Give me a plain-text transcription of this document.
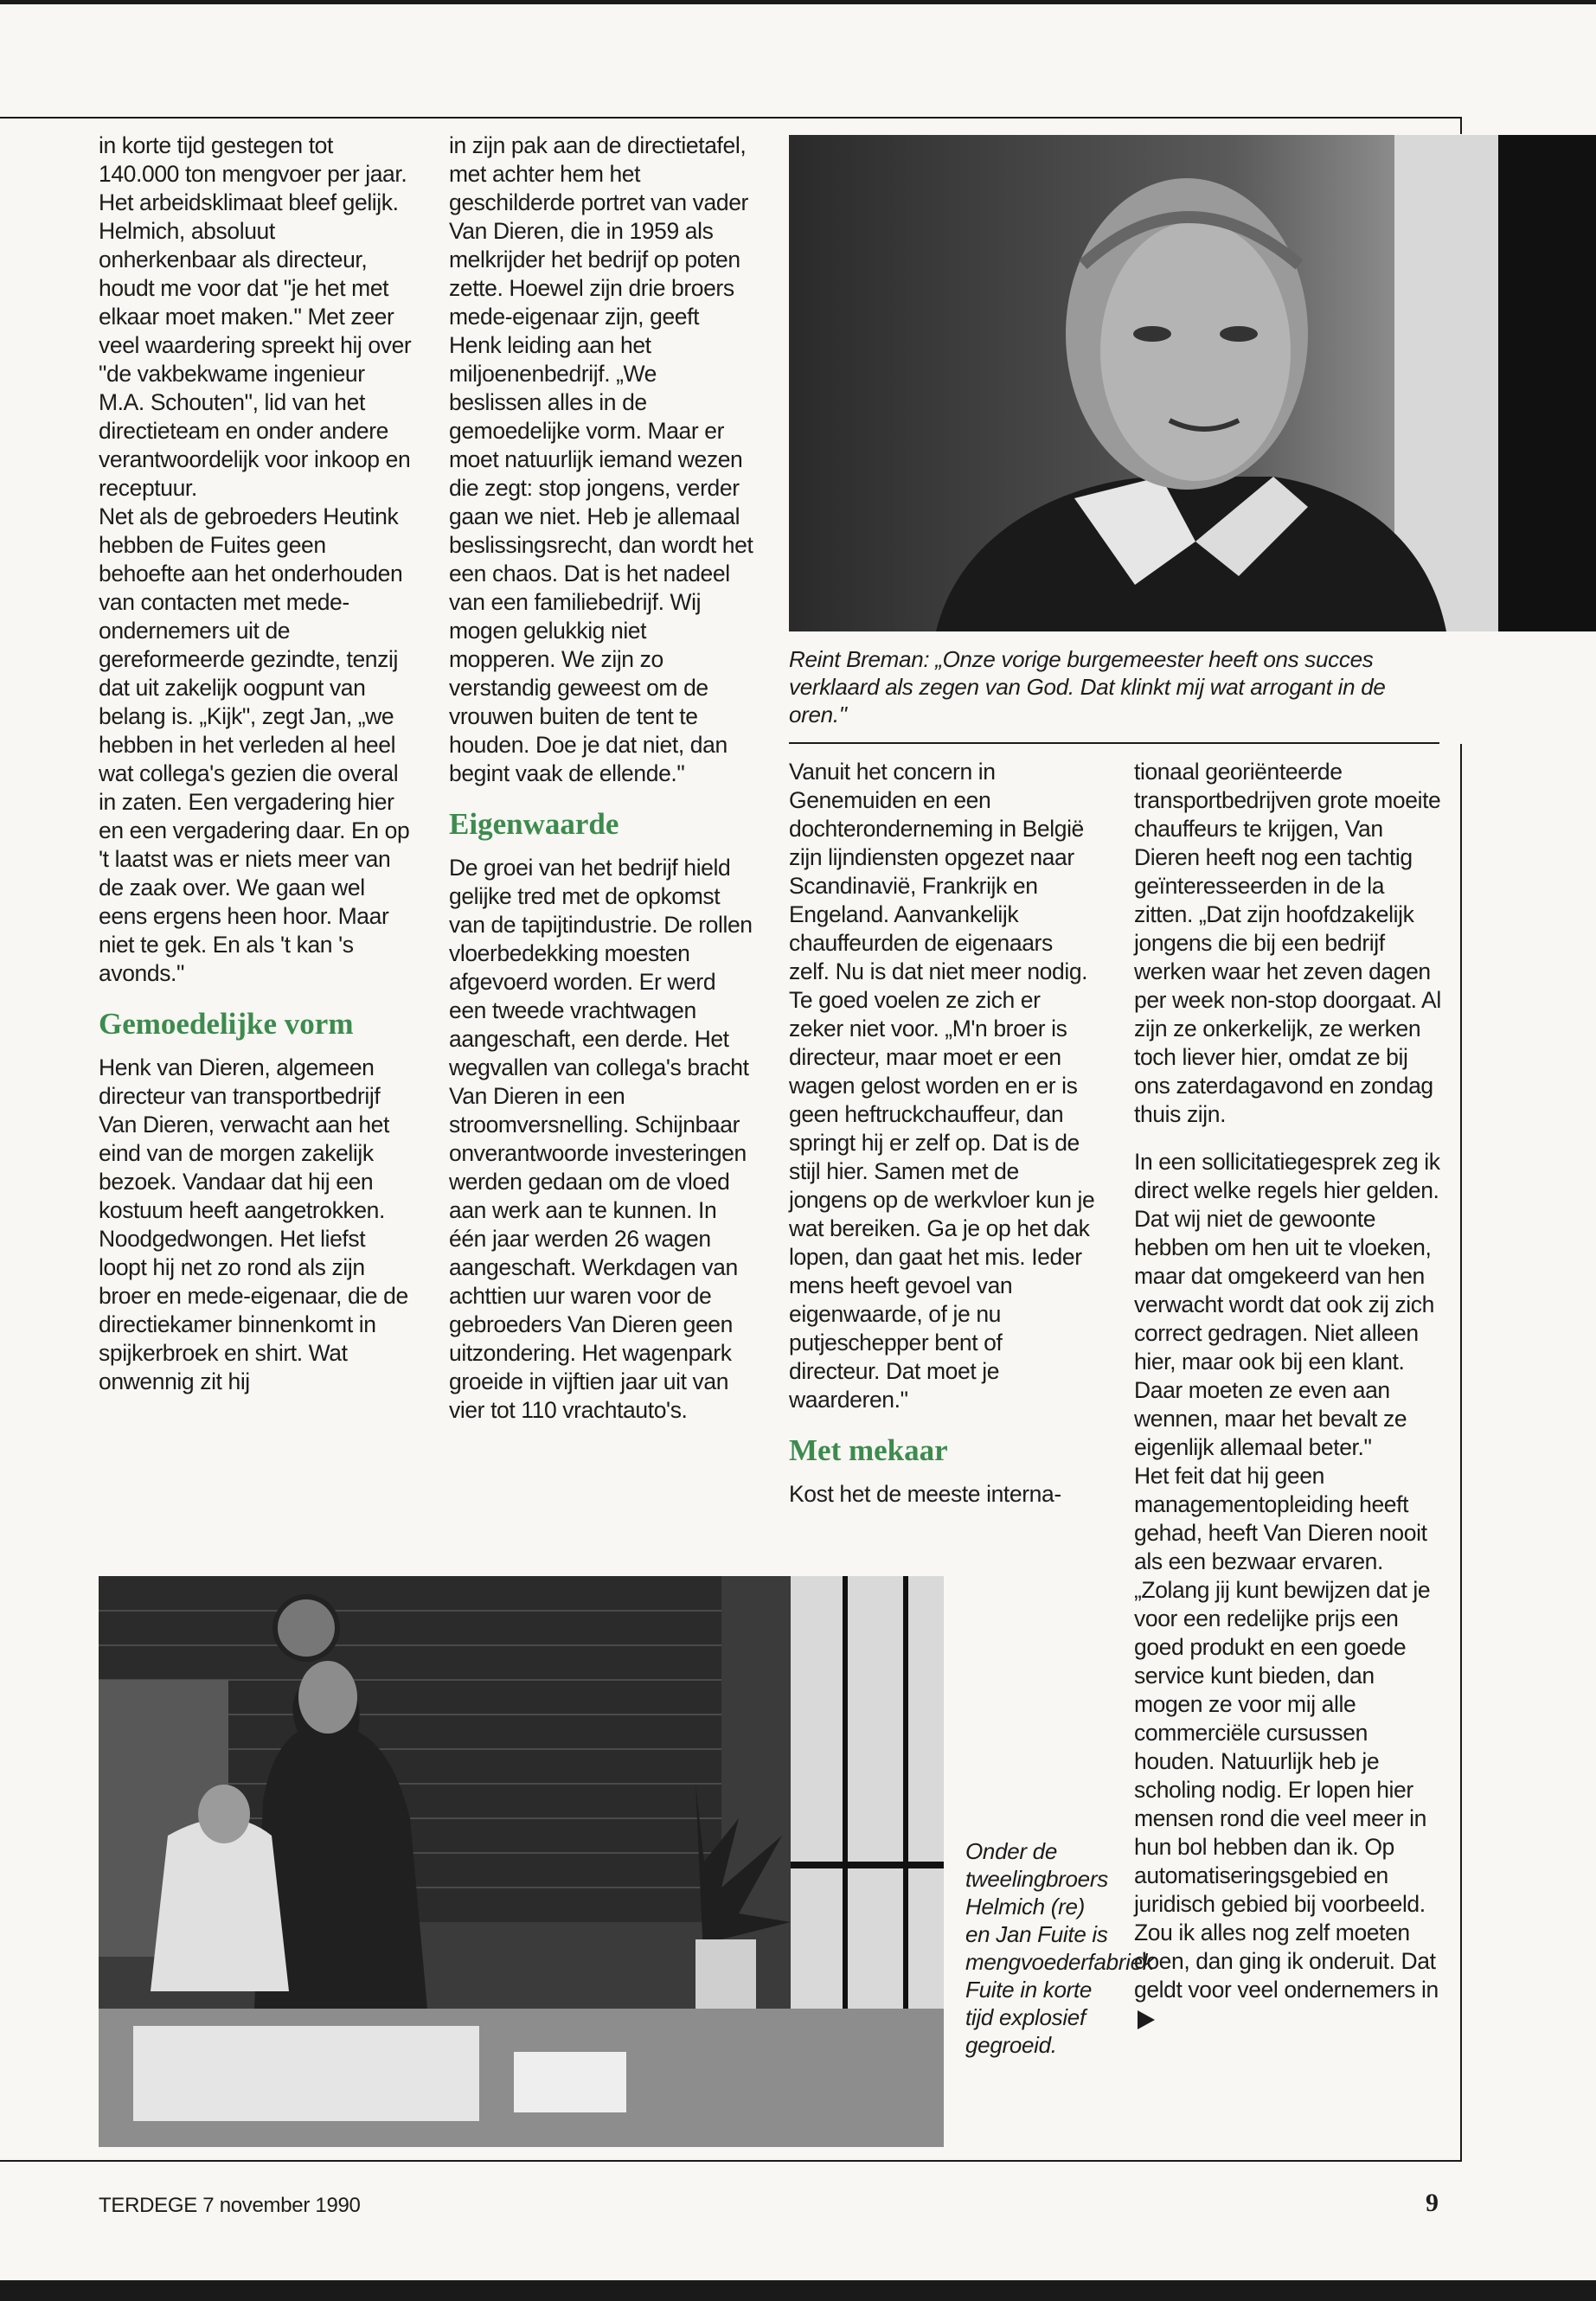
in korte tijd gestegen tot 140.000 ton mengvoer per jaar. Het arbeidsklimaat bleef gelijk. Helmich, absoluut onherkenbaar als directeur, houdt me voor dat "je het met elkaar moet maken." Met zeer veel waardering spreekt hij over "de vakbekwame ingenieur M.A. Schouten", lid van het directieteam en onder andere verantwoordelijk voor inkoop en receptuur.

Net als de gebroeders Heutink hebben de Fuites geen behoefte aan het onderhouden van contacten met mede-ondernemers uit de gereformeerde gezindte, tenzij dat uit zakelijk oogpunt van belang is. „Kijk", zegt Jan, „we hebben in het verleden al heel wat collega's gezien die overal in zaten. Een vergadering hier en een vergadering daar. En op 't laatst was er niets meer van de zaak over. We gaan wel eens ergens heen hoor. Maar niet te gek. En als 't kan 's avonds."

Gemoedelijke vorm

Henk van Dieren, algemeen directeur van transportbedrijf Van Dieren, verwacht aan het eind van de morgen zakelijk bezoek. Vandaar dat hij een kostuum heeft aangetrokken. Noodgedwongen. Het liefst loopt hij net zo rond als zijn broer en mede-eigenaar, die de directiekamer binnenkomt in spijkerbroek en shirt. Wat onwennig zit hij

in zijn pak aan de directietafel, met achter hem het geschilderde portret van vader Van Dieren, die in 1959 als melkrijder het bedrijf op poten zette. Hoewel zijn drie broers mede-eigenaar zijn, geeft Henk leiding aan het miljoenenbedrijf. „We beslissen alles in de gemoedelijke vorm. Maar er moet natuurlijk iemand wezen die zegt: stop jongens, verder gaan we niet. Heb je allemaal beslissingsrecht, dan wordt het een chaos. Dat is het nadeel van een familiebedrijf. Wij mogen gelukkig niet mopperen. We zijn zo verstandig geweest om de vrouwen buiten de tent te houden. Doe je dat niet, dan begint vaak de ellende."

Eigenwaarde

De groei van het bedrijf hield gelijke tred met de opkomst van de tapijtindustrie. De rollen vloerbedekking moesten afgevoerd worden. Er werd een tweede vrachtwagen aangeschaft, een derde. Het wegvallen van collega's bracht Van Dieren in een stroomversnelling. Schijnbaar onverantwoorde investeringen werden gedaan om de vloed aan werk aan te kunnen. In één jaar werden 26 wagen aangeschaft. Werkdagen van achttien uur waren voor de gebroeders Van Dieren geen uitzondering. Het wagenpark groeide in vijftien jaar uit van vier tot 110 vrachtauto's.

Reint Breman: „Onze vorige burgemeester heeft ons succes verklaard als zegen van God. Dat klinkt mij wat arrogant in de oren."

Vanuit het concern in Genemuiden en een dochteronderneming in België zijn lijndiensten opgezet naar Scandinavië, Frankrijk en Engeland. Aanvankelijk chauffeurden de eigenaars zelf. Nu is dat niet meer nodig. Te goed voelen ze zich er zeker niet voor. „M'n broer is directeur, maar moet er een wagen gelost worden en er is geen heftruckchauffeur, dan springt hij er zelf op. Dat is de stijl hier. Samen met de jongens op de werkvloer kun je wat bereiken. Ga je op het dak lopen, dan gaat het mis. Ieder mens heeft gevoel van eigenwaarde, of je nu putjeschepper bent of directeur. Dat moet je waarderen."

Met mekaar

Kost het de meeste interna-

tionaal georiënteerde transportbedrijven grote moeite chauffeurs te krijgen, Van Dieren heeft nog een tachtig geïnteresseerden in de la zitten. „Dat zijn hoofdzakelijk jongens die bij een bedrijf werken waar het zeven dagen per week non-stop doorgaat. Al zijn ze onkerkelijk, ze werken toch liever hier, omdat ze bij ons zaterdagavond en zondag thuis zijn.

In een sollicitatiegesprek zeg ik direct welke regels hier gelden. Dat wij niet de gewoonte hebben om hen uit te vloeken, maar dat omgekeerd van hen verwacht wordt dat ook zij zich correct gedragen. Niet alleen hier, maar ook bij een klant. Daar moeten ze even aan wennen, maar het bevalt ze eigenlijk allemaal beter."

Het feit dat hij geen managementopleiding heeft gehad, heeft Van Dieren nooit als een bezwaar ervaren. „Zolang jij kunt bewijzen dat je voor een redelijke prijs een goed produkt en een goede service kunt bieden, dan mogen ze voor mij alle commerciële cursussen houden. Natuurlijk heb je scholing nodig. Er lopen hier mensen rond die veel meer in hun bol hebben dan ik. Op automatiseringsgebied en juridisch gebied bij voorbeeld. Zou ik alles nog zelf moeten doen, dan ging ik onderuit. Dat geldt voor veel ondernemers in

Onder de tweelingbroers Helmich (re) en Jan Fuite is mengvoederfabriek Fuite in korte tijd explosief gegroeid.
TERDEGE 7 november 1990	9
